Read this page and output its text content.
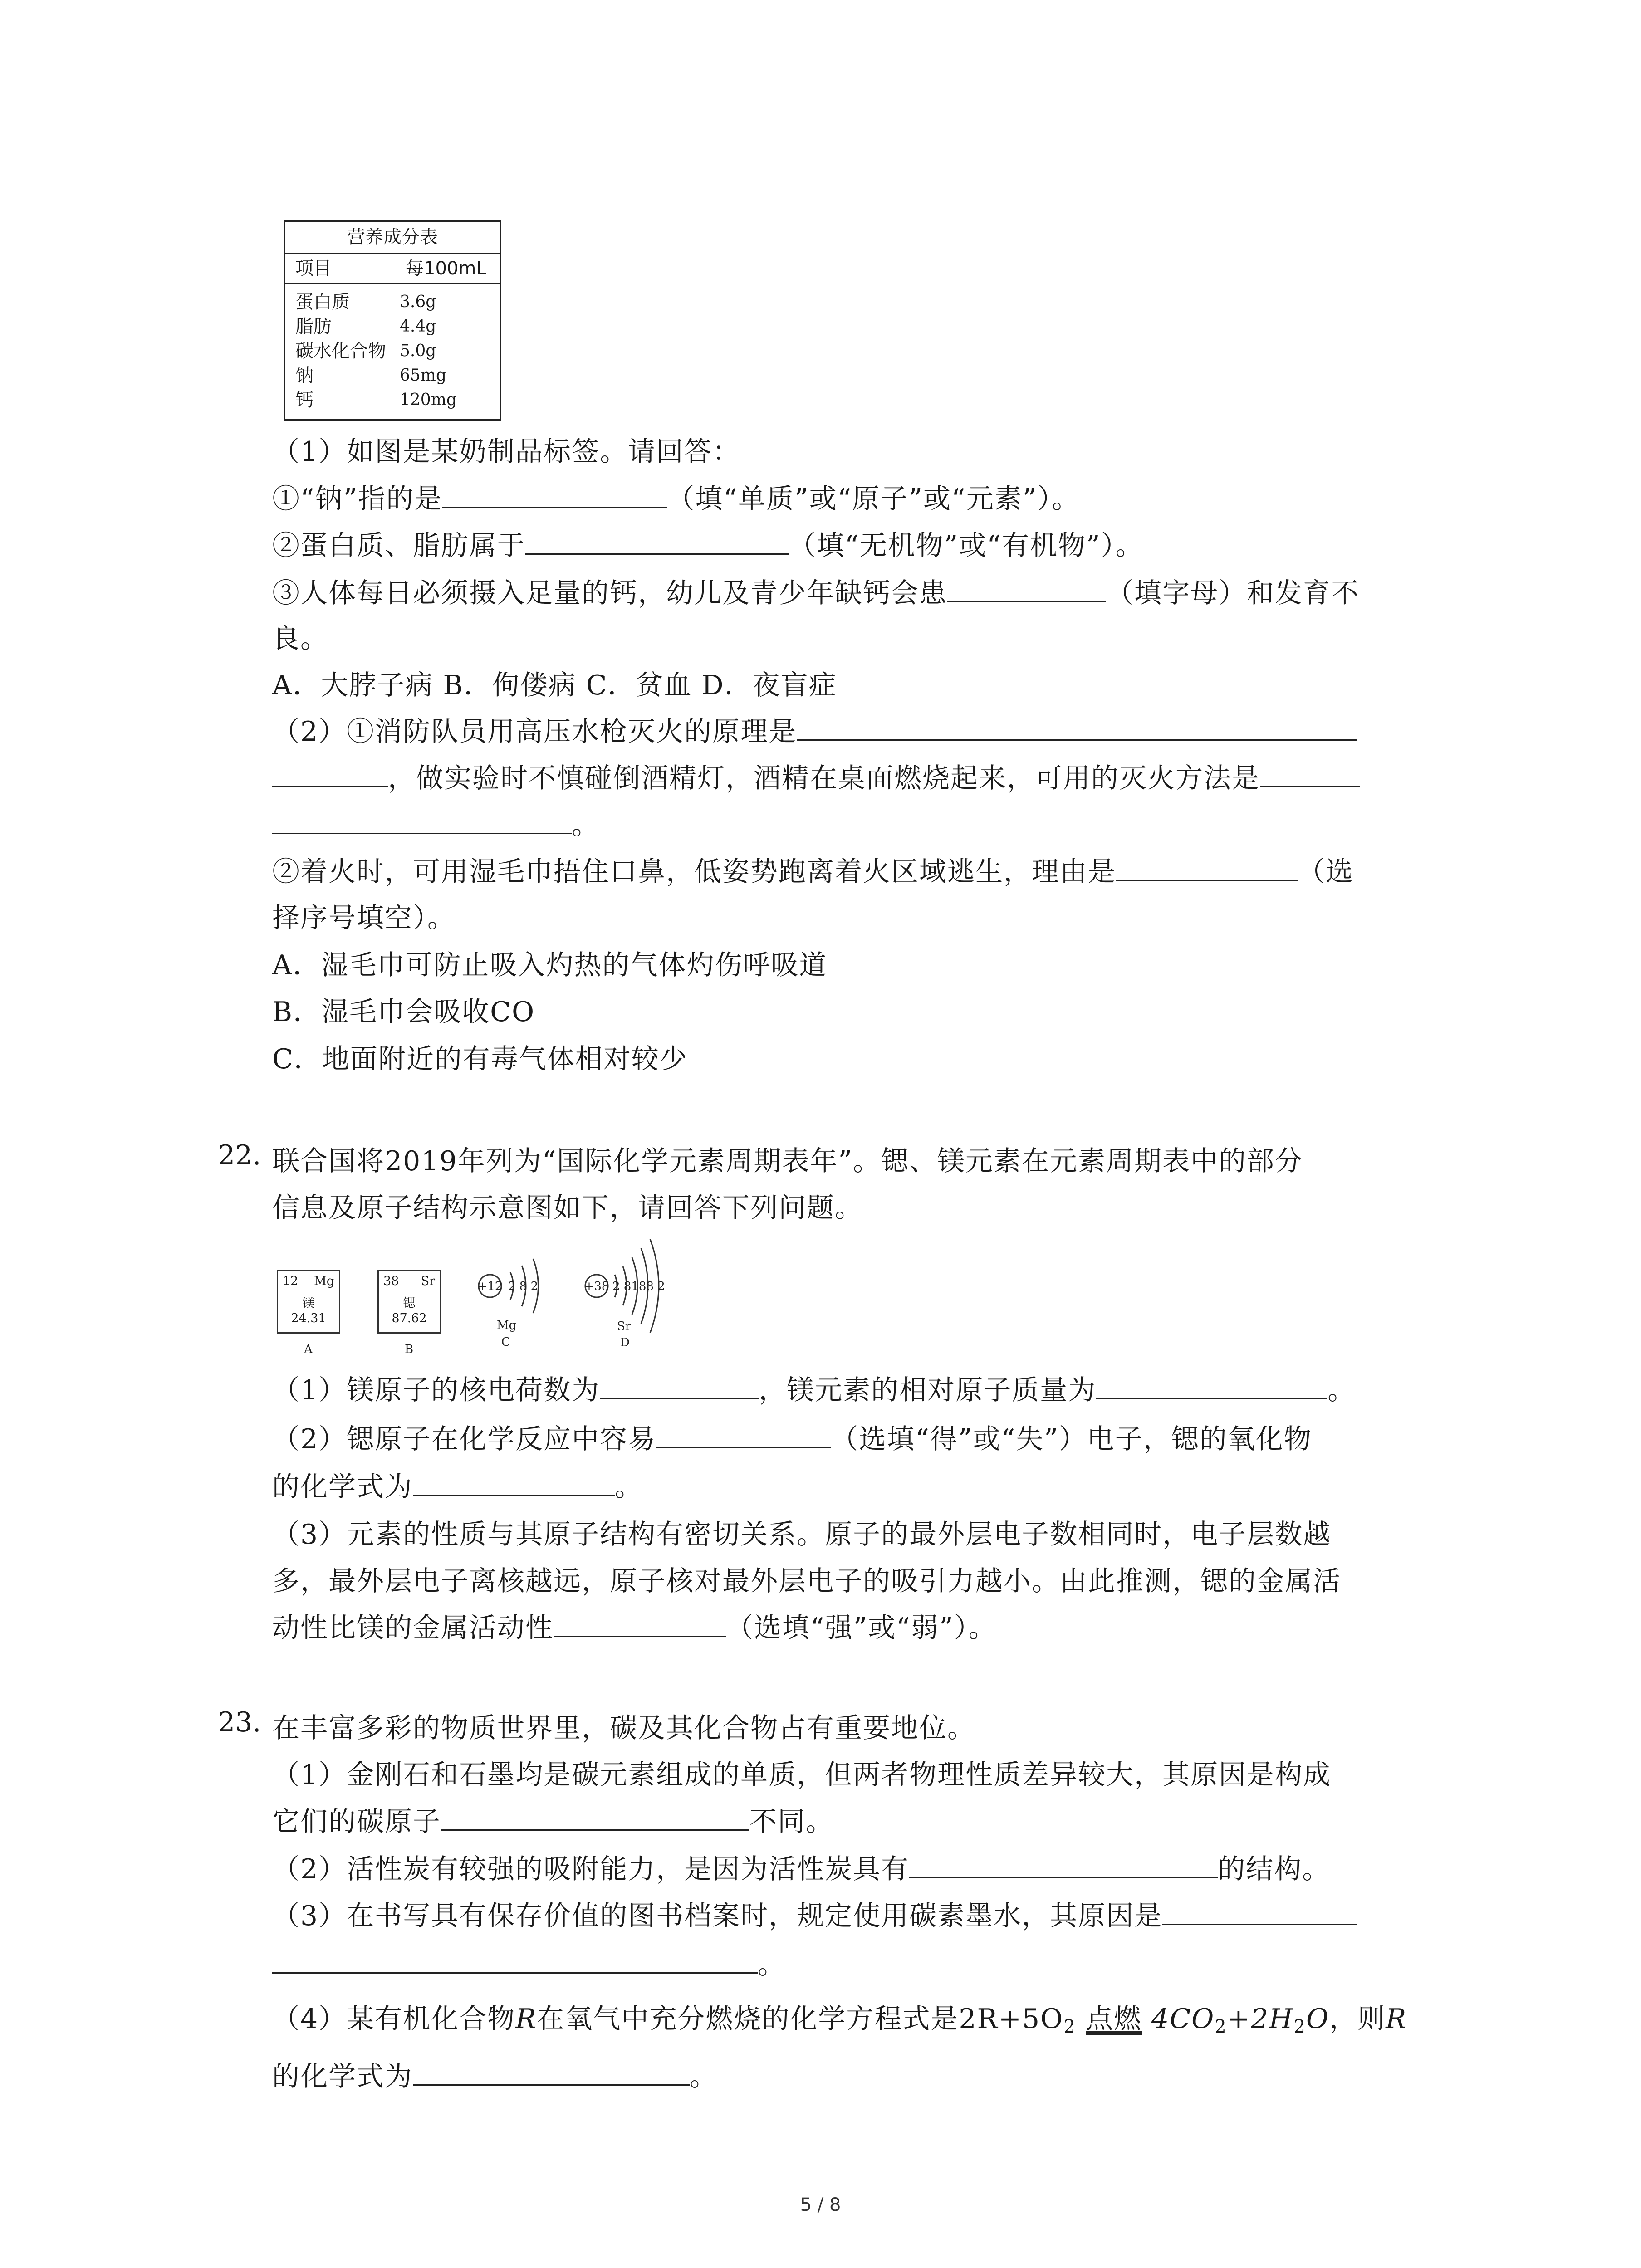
营养成分表
项目	每100mL
蛋白质	3.6g
脂肪	4.4g
碳水化合物 5.0g
钠	65mg
钙	120mg
（1）如图是某奶制品标签。请回答：
①“钠”指的是	（填“单质”或“原子”或“元素”）。
②蛋白质、脂肪属于	（填“无机物”或“有机物”）。
③人体每日必须摄入足量的钙，幼儿及青少年缺钙会患	（填字母）和发育不
良。
A．大脖子病 B．佝偻病 C．贫血 D．夜盲症
（2）①消防队员用高压水枪灭火的原理是
，做实验时不慎碰倒酒精灯，酒精在桌面燃烧起来，可用的灭火方法是
。
②着火时，可用湿毛巾捂住口鼻，低姿势跑离着火区域逃生，理由是	（选
择序号填空）。
A．湿毛巾可防止吸入灼热的气体灼伤呼吸道
B．湿毛巾会吸收CO
C．地面附近的有毒气体相对较少
22. 联合国将2019年列为“国际化学元素周期表年”。锶、镁元素在元素周期表中的部分
信息及原子结构示意图如下，请回答下列问题。
12 Mg
镁
24.31
A
38 Sr
锶
87.62
B
+12 2 8 2
Mg
C
+38 2 8188 2
Sr
D
（1）镁原子的核电荷数为	，镁元素的相对原子质量为	。
（2）锶原子在化学反应中容易	（选填“得”或“失”）电子，锶的氧化物
的化学式为	。
（3）元素的性质与其原子结构有密切关系。原子的最外层电子数相同时，电子层数越
多，最外层电子离核越远，原子核对最外层电子的吸引力越小。由此推测，锶的金属活
动性比镁的金属活动性	（选填“强”或“弱”）。
23. 在丰富多彩的物质世界里，碳及其化合物占有重要地位。
（1）金刚石和石墨均是碳元素组成的单质，但两者物理性质差异较大，其原因是构成
它们的碳原子	不同。
（2）活性炭有较强的吸附能力，是因为活性炭具有	的结构。
（3）在书写具有保存价值的图书档案时，规定使用碳素墨水，其原因是
。
（4）某有机化合物R在氧气中充分燃烧的化学方程式是$2R+5O_2$ 点燃 $4CO_2+2H_2O$，则R
的化学式为	。
5 / 8
